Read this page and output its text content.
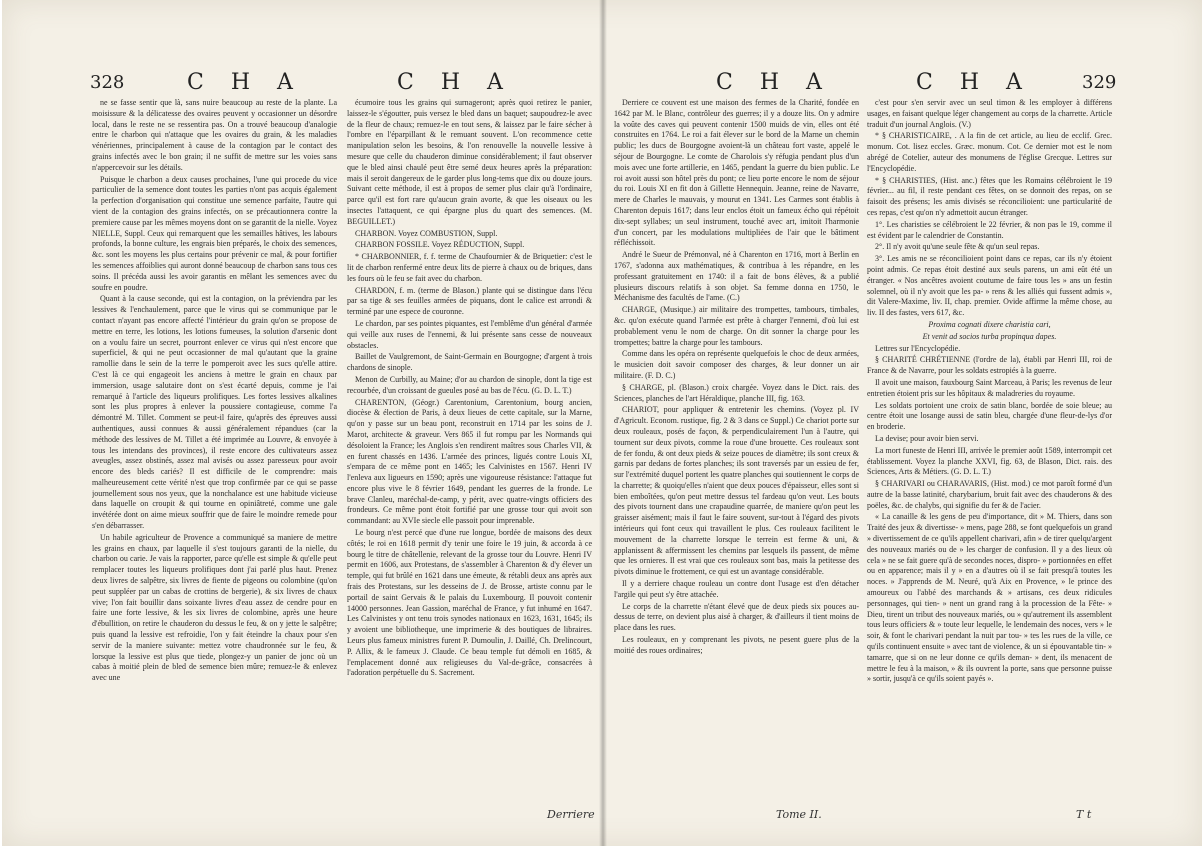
328	C H A	C H A

ne se fasse sentir que là, sans nuire beaucoup au reste de la plante. La moisissure & la délicatesse des ovaires peuvent y occasionner un désordre local, dans le reste ne se ressentira pas. On a trouvé beaucoup d'analogie entre le charbon qui n'attaque que les ovaires du grain, & les maladies vénériennes, principalement à cause de la contagion par le contact des grains infectés avec le bon grain; il ne suffit de mettre sur les voies sans n'appercevoir sur les détails.

Puisque le charbon a deux causes prochaines, l'une qui procede du vice particulier de la semence dont toutes les parties n'ont pas acquis également la perfection d'organisation qui constitue une semence parfaite, l'autre qui vient de la contagion des grains infectés, on se précautionnera contre la premiere cause par les mêmes moyens dont on se garantit de la nielle. Voyez NIELLE, Suppl. Ceux qui remarquent que les semailles hâtives, les labours profonds, la bonne culture, les engrais bien préparés, le choix des semences, &c. sont les moyens les plus certains pour prévenir ce mal, & pour fortifier les semences affoiblies qui auront donné beaucoup de charbon sans tous ces soins. Il précéda aussi les avoir garantis en mêlant les semences avec du soufre en poudre.

Quant à la cause seconde, qui est la contagion, on la préviendra par les lessives & l'enchaulement, parce que le virus qui se communique par le contact n'ayant pas encore affecté l'intérieur du grain qu'on se propose de mettre en terre, les lotions, les lotions fumeuses, la solution d'arsenic dont on a voulu faire un secret, pourront enlever ce virus qui n'est encore que superficiel, & qui ne peut occasionner de mal qu'autant que la graine ramollie dans le sein de la terre le pomperoit avec les sucs qu'elle attire. C'est là ce qui engageoit les anciens à mettre le grain en chaux par immersion, usage salutaire dont on s'est écarté depuis, comme je l'ai remarqué à l'article des liqueurs prolifiques. Les fortes lessives alkalines sont les plus propres à enlever la poussiere contagieuse, comme l'a démontré M. Tillet. Comment se peut-il faire, qu'après des épreuves aussi authentiques, aussi connues & aussi généralement répandues (car la méthode des lessives de M. Tillet a été imprimée au Louvre, & envoyée à tous les intendans des provinces), il reste encore des cultivateurs assez aveugles, assez obstinés, assez mal avisés ou assez paresseux pour avoir encore des bleds cariés? Il est difficile de le comprendre: mais malheureusement cette vérité n'est que trop confirmée par ce qui se passe journellement sous nos yeux, que la nonchalance est une habitude vicieuse dans laquelle on croupit & qui tourne en opiniâtreté, comme une gale invétérée dont on aime mieux souffrir que de faire le moindre remede pour s'en débarrasser.

Un habile agriculteur de Provence a communiqué sa maniere de mettre les grains en chaux, par laquelle il s'est toujours garanti de la nielle, du charbon ou carie. Je vais la rapporter, parce qu'elle est simple & qu'elle peut remplacer toutes les liqueurs prolifiques dont j'ai parlé plus haut. Prenez deux livres de salpêtre, six livres de fiente de pigeons ou colombine (qu'on peut suppléer par un cabas de crottins de bergerie), & six livres de chaux vive; l'on fait bouillir dans soixante livres d'eau assez de cendre pour en faire une forte lessive, & les six livres de colombine, après une heure d'ébullition, on retire le chauderon du dessus le feu, & on y jette le salpêtre; puis quand la lessive est refroidie, l'on y fait éteindre la chaux pour s'en servir de la maniere suivante: mettez votre chaudronnée sur le feu, & lorsque la lessive est plus que tiede, plongez-y un panier de jonc où un cabas à moitié plein de bled de semence bien mûre; remuez-le & enlevez avec une

écumoire tous les grains qui surnageront; après quoi retirez le panier, laissez-le s'égoutter, puis versez le bled dans un baquet; saupoudrez-le avec de la fleur de chaux; remuez-le en tout sens, & laissez par le faire sécher à l'ombre en l'éparpillant & le remuant souvent. L'on recommence cette manipulation selon les besoins, & l'on renouvelle la nouvelle lessive à mesure que celle du chauderon diminue considérablement; il faut observer que le bled ainsi chaulé peut être semé deux heures après la préparation: mais il seroit dangereux de le garder plus long-tems que dix ou douze jours. Suivant cette méthode, il est à propos de semer plus clair qu'à l'ordinaire, parce qu'il est fort rare qu'aucun grain avorte, & que les oiseaux ou les insectes l'attaquent, ce qui épargne plus du quart des semences. (M. BEGUILLET.)

CHARBON. Voyez COMBUSTION, Suppl.

CHARBON FOSSILE. Voyez RÉDUCTION, Suppl.

* CHARBONNIER, f. f. terme de Chaufournier & de Briquetier: c'est le lit de charbon renfermé entre deux lits de pierre à chaux ou de briques, dans les fours où le feu se fait avec du charbon.

CHARDON, f. m. (terme de Blason.) plante qui se distingue dans l'écu par sa tige & ses feuilles armées de piquans, dont le calice est arrondi & terminé par une espece de couronne.

Le chardon, par ses pointes piquantes, est l'emblême d'un général d'armée qui veille aux ruses de l'ennemi, & lui présente sans cesse de nouveaux obstacles.

Baillet de Vaulgremont, de Saint-Germain en Bourgogne; d'argent à trois chardons de sinople.

Menon de Curbilly, au Maine; d'or au chardon de sinople, dont la tige est recourbée, d'un croissant de gueules posé au bas de l'écu. (G. D. L. T.)

CHARENTON, (Géogr.) Carentonium, Carentonium, bourg ancien, diocèse & élection de Paris, à deux lieues de cette capitale, sur la Marne, qu'on y passe sur un beau pont, reconstruit en 1714 par les soins de J. Marot, architecte & graveur. Vers 865 il fut rompu par les Normands qui désoloient la France; les Anglois s'en rendirent maîtres sous Charles VII, & en furent chassés en 1436. L'armée des princes, ligués contre Louis XI, s'empara de ce même pont en 1465; les Calvinistes en 1567. Henri IV l'enleva aux ligueurs en 1590; après une vigoureuse résistance: l'attaque fut encore plus vive le 8 février 1649, pendant les guerres de la fronde. Le brave Clanleu, maréchal-de-camp, y périt, avec quatre-vingts officiers des frondeurs. Ce même pont étoit fortifié par une grosse tour qui avoit son commandant: au XVIe siecle elle passoit pour imprenable.

Le bourg n'est percé que d'une rue longue, bordée de maisons des deux côtés; le roi en 1618 permit d'y tenir une foire le 19 juin, & accorda à ce bourg le titre de châtellenie, relevant de la grosse tour du Louvre. Henri IV permit en 1606, aux Protestans, de s'assembler à Charenton & d'y élever un temple, qui fut brûlé en 1621 dans une émeute, & rétabli deux ans après aux frais des Protestans, sur les desseins de J. de Brosse, artiste connu par le portail de saint Gervais & le palais du Luxembourg. Il pouvoit contenir 14000 personnes. Jean Gassion, maréchal de France, y fut inhumé en 1647. Les Calvinistes y ont tenu trois synodes nationaux en 1623, 1631, 1645; ils y avoient une bibliotheque, une imprimerie & des boutiques de libraires. Leurs plus fameux ministres furent P. Dumoulin, J. Daillé, Ch. Drelincourt, P. Allix, & le fameux J. Claude. Ce beau temple fut démoli en 1685, & l'emplacement donné aux religieuses du Val-de-grâce, consacrées à l'adoration perpétuelle du S. Sacrement.

Derriere
C H A	C H A	329

Derriere ce couvent est une maison des fermes de la Charité, fondée en 1642 par M. le Blanc, contrôleur des guerres; il y a douze lits. On y admire la voûte des caves qui peuvent contenir 1500 muids de vin, elles ont été construites en 1764. Le roi a fait élever sur le bord de la Marne un chemin public; les ducs de Bourgogne avoient-là un château fort vaste, appelé le séjour de Bourgogne. Le comte de Charolois s'y réfugia pendant plus d'un mois avec une forte artillerie, en 1465, pendant la guerre du bien public. Le roi avoit aussi son hôtel près du pont; ce lieu porte encore le nom de séjour du roi. Louis XI en fit don à Gillette Hennequin. Jeanne, reine de Navarre, mere de Charles le mauvais, y mourut en 1341. Les Carmes sont établis à Charenton depuis 1617; dans leur enclos étoit un fameux écho qui répétoit dix-sept syllabes; un seul instrument, touché avec art, imitoit l'harmonie d'un concert, par les modulations multipliées de l'air que le bâtiment réfléchissoit.

André le Sueur de Prémonval, né à Charenton en 1716, mort à Berlin en 1767, s'adonna aux mathématiques, & contribua à les répandre, en les professant gratuitement en 1740: il a fait de bons élèves, & a publié plusieurs discours relatifs à son objet. Sa femme donna en 1750, le Méchanisme des facultés de l'ame. (C.)

CHARGE, (Musique.) air militaire des trompettes, tambours, timbales, &c. qu'on exécute quand l'armée est prête à charger l'ennemi, d'où lui est probablement venu le nom de charge. On dit sonner la charge pour les trompettes; battre la charge pour les tambours.

Comme dans les opéra on représente quelquefois le choc de deux armées, le musicien doit savoir composer des charges, & leur donner un air militaire. (F. D. C.)

§ CHARGE, pl. (Blason.) croix chargée. Voyez dans le Dict. rais. des Sciences, planches de l'art Héraldique, planche III, fig. 163.

CHARIOT, pour appliquer & entretenir les chemins. (Voyez pl. IV d'Agricult. Econom. rustique, fig. 2 & 3 dans ce Suppl.) Ce chariot porte sur deux rouleaux, posés de façon, & perpendiculairement l'un à l'autre, qui tournent sur deux pivots, comme la roue d'une brouette. Ces rouleaux sont de fer fondu, & ont deux pieds & seize pouces de diamètre; ils sont creux & garnis par dedans de fortes planches; ils sont traversés par un essieu de fer, sur l'extrémité duquel portent les quatre planches qui soutiennent le corps de la charrette; & quoiqu'elles n'aient que deux pouces d'épaisseur, elles sont si bien emboîtées, qu'on peut mettre dessus tel fardeau qu'on veut. Les bouts des pivots tournent dans une crapaudine quarrée, de maniere qu'on peut les graisser aisément; mais il faut le faire souvent, sur-tout à l'égard des pivots intérieurs qui font ceux qui travaillent le plus. Ces rouleaux facilitent le mouvement de la charrette lorsque le terrein est ferme & uni, & applanissent & affermissent les chemins par lesquels ils passent, de même que les ornieres. Il est vrai que ces rouleaux sont bas, mais la petitesse des pivots diminue le frottement, ce qui est un avantage considérable.

Il y a derriere chaque rouleau un contre dont l'usage est d'en détacher l'argile qui peut s'y être attachée.

Le corps de la charrette n'étant élevé que de deux pieds six pouces au-dessus de terre, on devient plus aisé à charger, & d'ailleurs il tient moins de place dans les rues.

Les rouleaux, en y comprenant les pivots, ne pesent guere plus de la moitié des roues ordinaires;

c'est pour s'en servir avec un seul timon & les employer à différens usages, en faisant quelque léger changement au corps de la charrette. Article traduit d'un journal Anglois. (V.)

* § CHARISTICAIRE, . A la fin de cet article, au lieu de ecclif. Grec. monum. Cot. lisez eccles. Græc. monum. Cot. Ce dernier mot est le nom abrégé de Cotelier, auteur des monumens de l'église Grecque. Lettres sur l'Encyclopédie.

* § CHARISTIES, (Hist. anc.) fêtes que les Romains célébroient le 19 février... au fil, il reste pendant ces fêtes, on se donnoit des repas, on se faisoit des présens; les amis divisés se réconcilioient: une particularité de ces repas, c'est qu'on n'y admettoit aucun étranger.

1°. Les charisties se célébroient le 22 février, & non pas le 19, comme il est évident par le calendrier de Constantin.

2°. Il n'y avoit qu'une seule fête & qu'un seul repas.

3°. Les amis ne se réconcilioient point dans ce repas, car ils n'y étoient point admis. Ce repas étoit destiné aux seuls parens, un ami eût été un étranger. « Nos ancêtres avoient coutume de faire tous les » ans un festin solemnel, où il n'y avoit que les pa- » rens & les alliés qui fussent admis », dit Valere-Maxime, liv. II, chap. premier. Ovide affirme la même chose, au liv. II des fastes, vers 617, &c.

Proxima cognati dixere charistia cari,

Et venit ad socios turba propinqua dapes.

Lettres sur l'Encyclopédie.

§ CHARITÉ CHRÉTIENNE (l'ordre de la), établi par Henri III, roi de France & de Navarre, pour les soldats estropiés à la guerre.

Il avoit une maison, fauxbourg Saint Marceau, à Paris; les revenus de leur entretien étoient pris sur les hôpitaux & maladreries du royaume.

Les soldats portoient une croix de satin blanc, bordée de soie bleue; au centre étoit une losange aussi de satin bleu, chargée d'une fleur-de-lys d'or en broderie.

La devise; pour avoir bien servi.

La mort funeste de Henri III, arrivée le premier août 1589, interrompit cet établissement. Voyez la planche XXVI, fig. 63, de Blason, Dict. rais. des Sciences, Arts & Métiers. (G. D. L. T.)

§ CHARIVARI ou CHARAVARIS, (Hist. mod.) ce mot paroît formé d'un autre de la basse latinité, charybarium, bruit fait avec des chauderons & des poëles, &c. de chalybs, qui signifie du fer & de l'acier.

« La canaille & les gens de peu d'importance, dit » M. Thiers, dans son Traité des jeux & divertisse- » mens, page 288, se font quelquefois un grand » divertissement de ce qu'ils appellent charivari, afin » de tirer quelqu'argent des nouveaux mariés ou de » les charger de confusion. Il y a des lieux où cela » ne se fait guere qu'à de secondes noces, dispro- » portionnées en effet ou en apparence; mais il y » en a d'autres où il se fait presqu'à toutes les noces. » J'apprends de M. Neuré, qu'à Aix en Provence, » le prince des amoureux ou l'abbé des marchands & » artisans, ces deux ridicules personnages, qui tien- » nent un grand rang à la procession de la Fête- » Dieu, tirent un tribut des nouveaux mariés, ou » qu'autrement ils assemblent tous leurs officiers & » toute leur lequelle, le lendemain des noces, vers » le soir, & font le charivari pendant la nuit par tou- » tes les rues de la ville, ce qu'ils continuent ensuite » avec tant de violence, & un si épouvantable tin- » tamarre, que si on ne leur donne ce qu'ils deman- » dent, ils menacent de mettre le feu à la maison, » & ils ouvrent la porte, sans que personne puisse » sortir, jusqu'à ce qu'ils soient payés ».

Tome II.	T t
